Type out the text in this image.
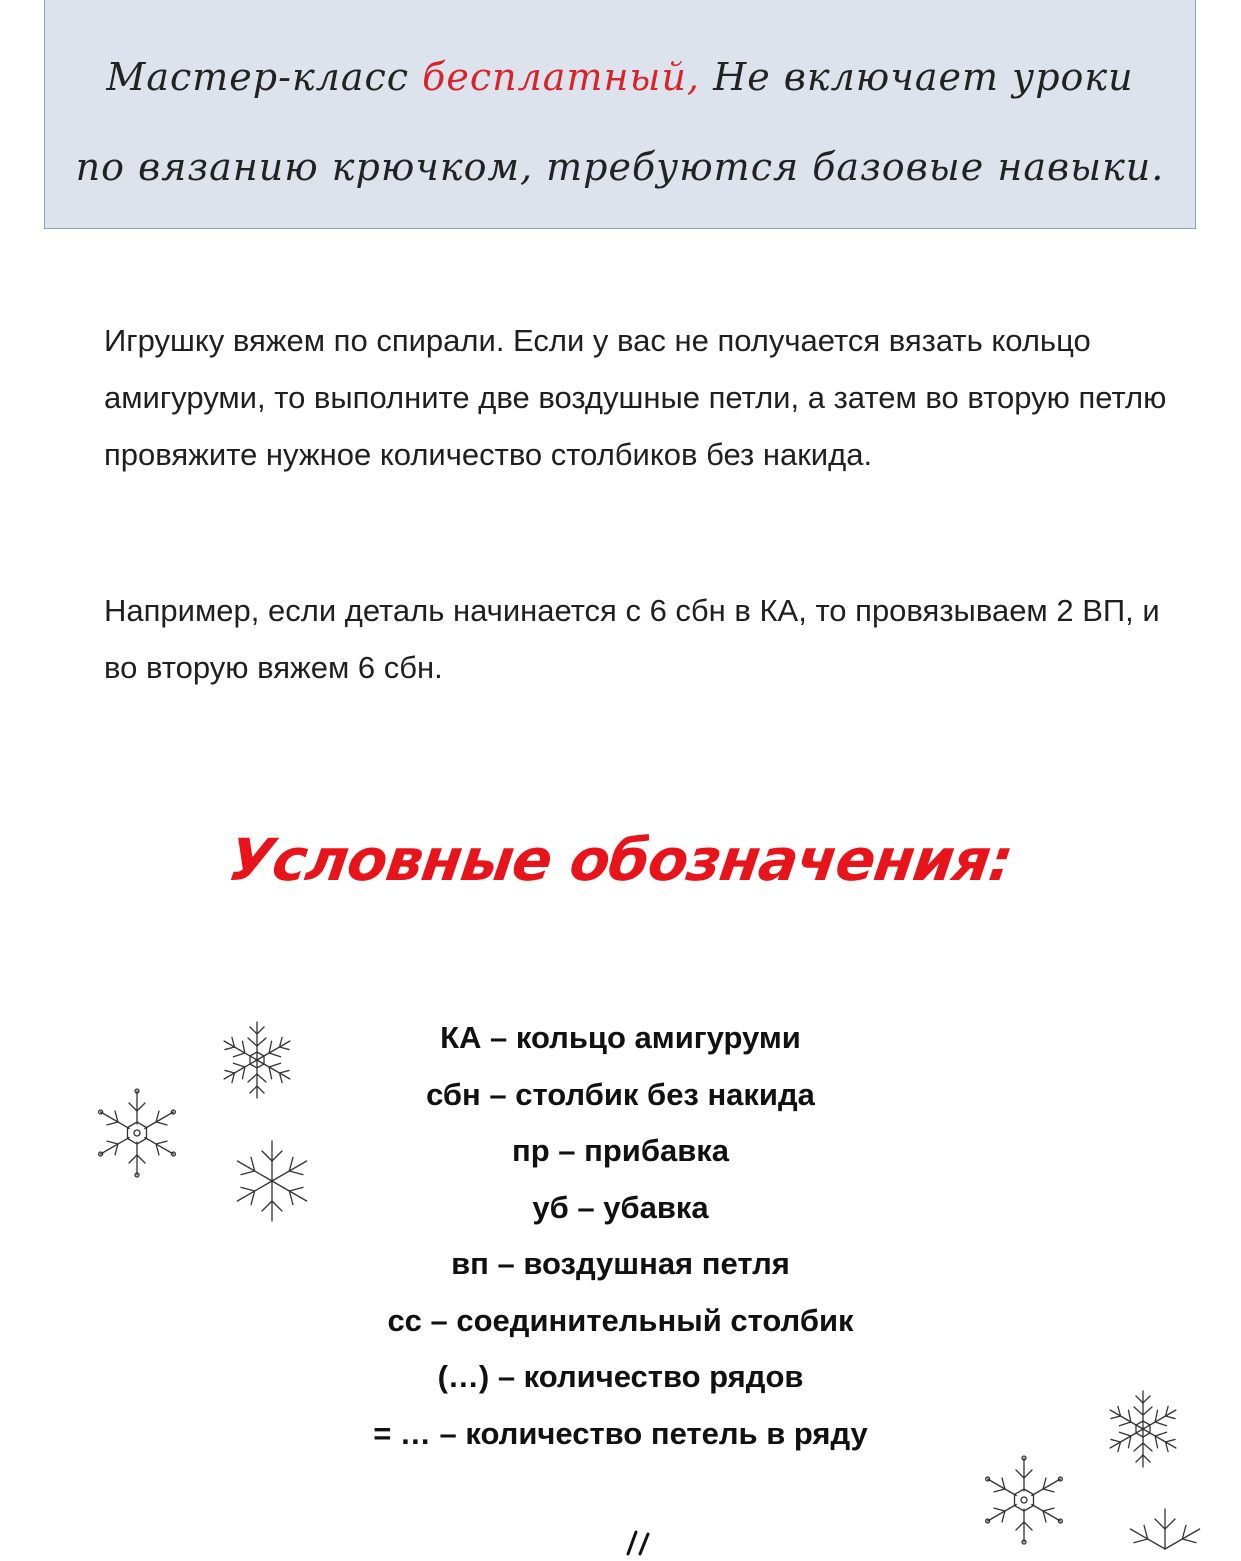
Мастер-класс бесплатный, Не включает уроки
по вязанию крючком, требуются базовые навыки.

Игрушку вяжем по спирали. Если у вас не получается вязать кольцо амигуруми, то выполните две воздушные петли, а затем во вторую петлю провяжите нужное количество столбиков без накида.

Например, если деталь начинается с 6 сбн в КА, то провязываем 2 ВП, и во вторую вяжем 6 сбн.

Условные обозначения:
КА – кольцо амигуруми
сбн – столбик без накида
пр – прибавка
уб – убавка
вп – воздушная петля
сс – соединительный столбик
(…) – количество рядов
= … – количество петель в ряду
